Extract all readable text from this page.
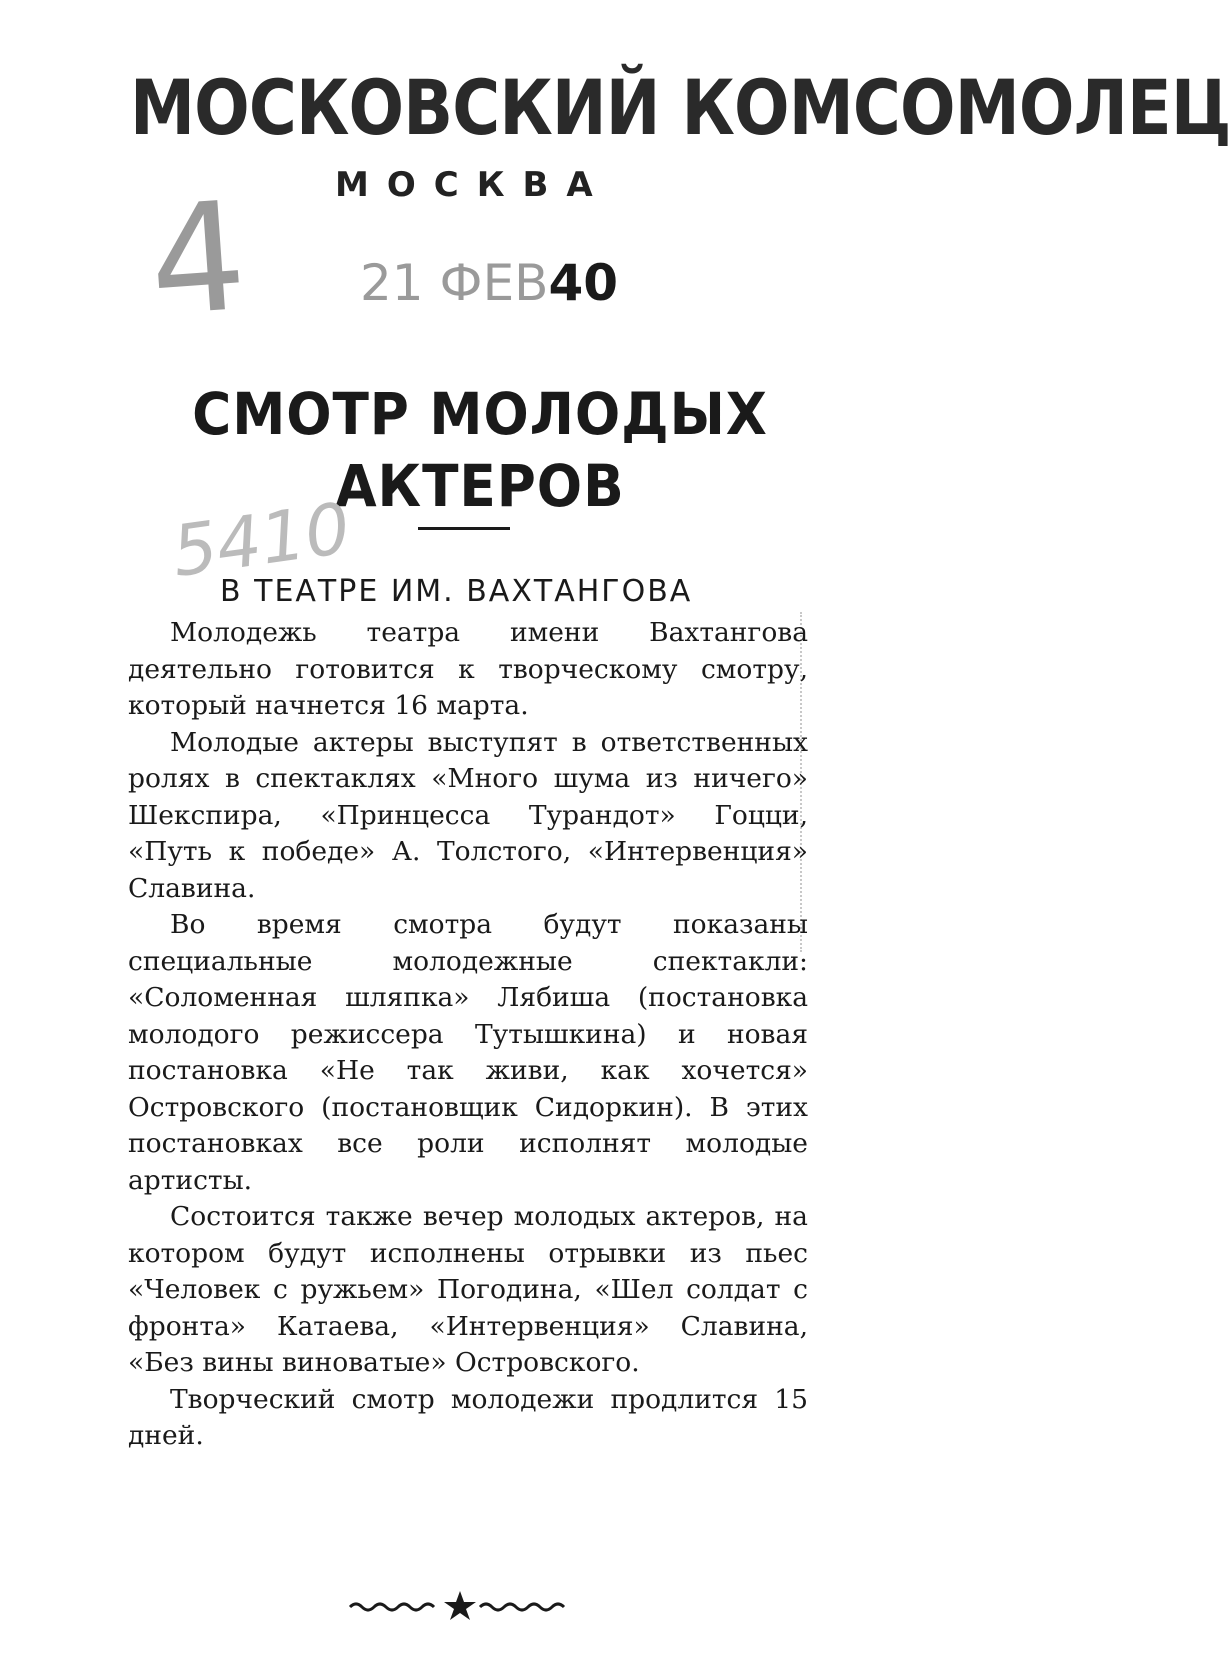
МОСКОВСКИЙ КОМСОМОЛЕЦ
МОСКВА
4 21 ФЕВ40
СМОТР МОЛОДЫХ
АКТЕРОВ
5410
В ТЕАТРЕ ИМ. ВАХТАНГОВА

Молодежь театра имени Вахтангова деятельно готовится к творческому смотру, который начнется 16 марта.

Молодые актеры выступят в ответственных ролях в спектаклях «Много шума из ничего» Шекспира, «Принцесса Турандот» Гоцци, «Путь к победе» А. Толстого, «Интервенция» Славина.

Во время смотра будут показаны специальные молодежные спектакли: «Соломенная шляпка» Лябиша (постановка молодого режиссера Тутышкина) и новая постановка «Не так живи, как хочется» Островского (постановщик Сидоркин). В этих постановках все роли исполнят молодые артисты.

Состоится также вечер молодых актеров, на котором будут исполнены отрывки из пьес «Человек с ружьем» Погодина, «Шел солдат с фронта» Катаева, «Интервенция» Славина, «Без вины виноватые» Островского.

Творческий смотр молодежи продлится 15 дней.
